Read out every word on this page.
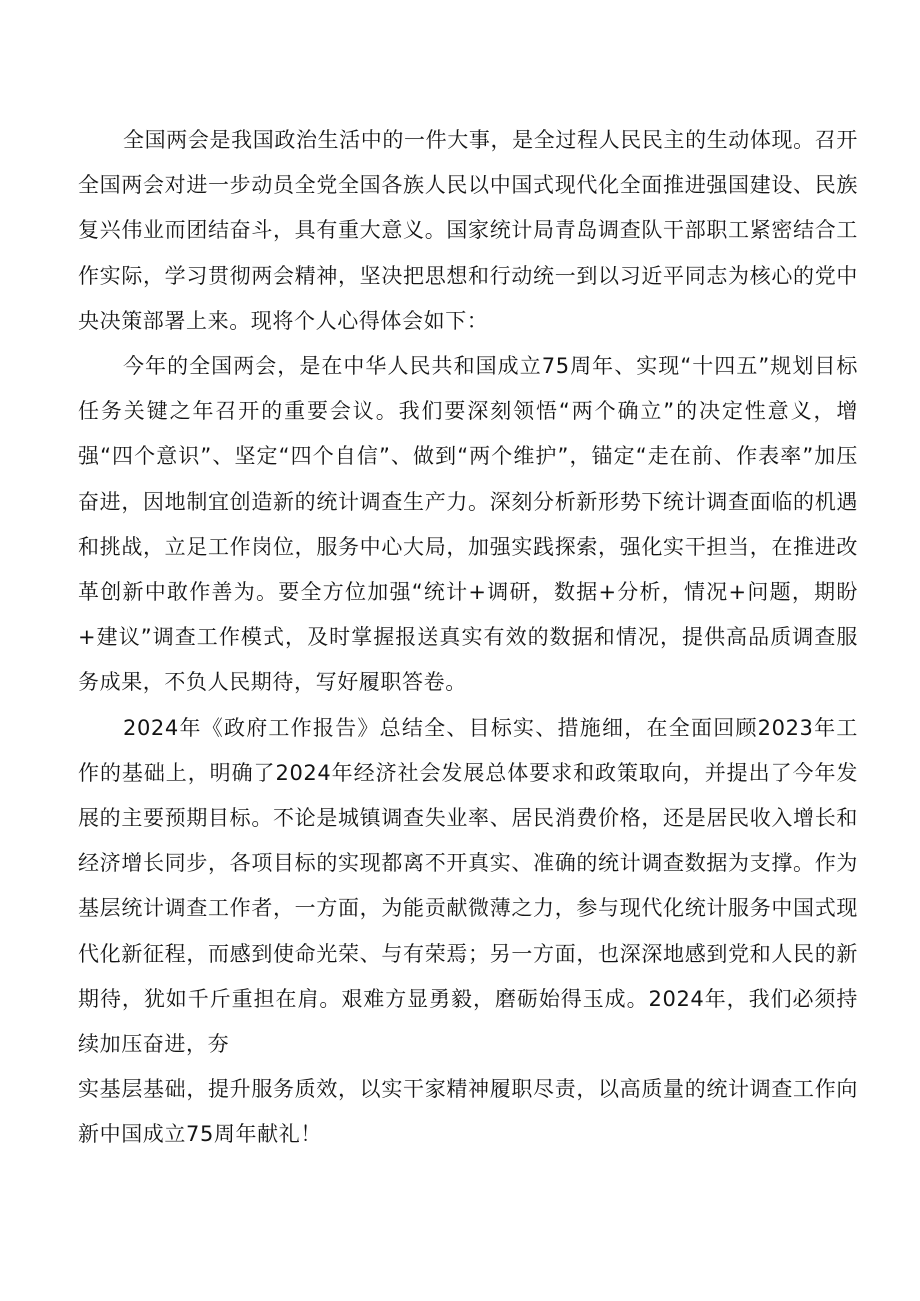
全国两会是我国政治生活中的一件大事，是全过程人民民主的生动体现。召开全国两会对进一步动员全党全国各族人民以中国式现代化全面推进强国建设、民族复兴伟业而团结奋斗，具有重大意义。国家统计局青岛调查队干部职工紧密结合工作实际，学习贯彻两会精神，坚决把思想和行动统一到以习近平同志为核心的党中央决策部署上来。现将个人心得体会如下：

今年的全国两会，是在中华人民共和国成立75周年、实现“十四五”规划目标任务关键之年召开的重要会议。我们要深刻领悟“两个确立”的决定性意义，增强“四个意识”、坚定“四个自信”、做到“两个维护”，锚定“走在前、作表率”加压奋进，因地制宜创造新的统计调查生产力。深刻分析新形势下统计调查面临的机遇和挑战，立足工作岗位，服务中心大局，加强实践探索，强化实干担当，在推进改革创新中敢作善为。要全方位加强“统计+调研，数据+分析，情况+问题，期盼+建议”调查工作模式，及时掌握报送真实有效的数据和情况，提供高品质调查服务成果，不负人民期待，写好履职答卷。

2024年《政府工作报告》总结全、目标实、措施细，在全面回顾2023年工作的基础上，明确了2024年经济社会发展总体要求和政策取向，并提出了今年发展的主要预期目标。不论是城镇调查失业率、居民消费价格，还是居民收入增长和经济增长同步，各项目标的实现都离不开真实、准确的统计调查数据为支撑。作为基层统计调查工作者，一方面，为能贡献微薄之力，参与现代化统计服务中国式现代化新征程，而感到使命光荣、与有荣焉；另一方面，也深深地感到党和人民的新期待，犹如千斤重担在肩。艰难方显勇毅，磨砺始得玉成。2024年，我们必须持续加压奋进，夯

实基层基础，提升服务质效，以实干家精神履职尽责，以高质量的统计调查工作向新中国成立75周年献礼！
